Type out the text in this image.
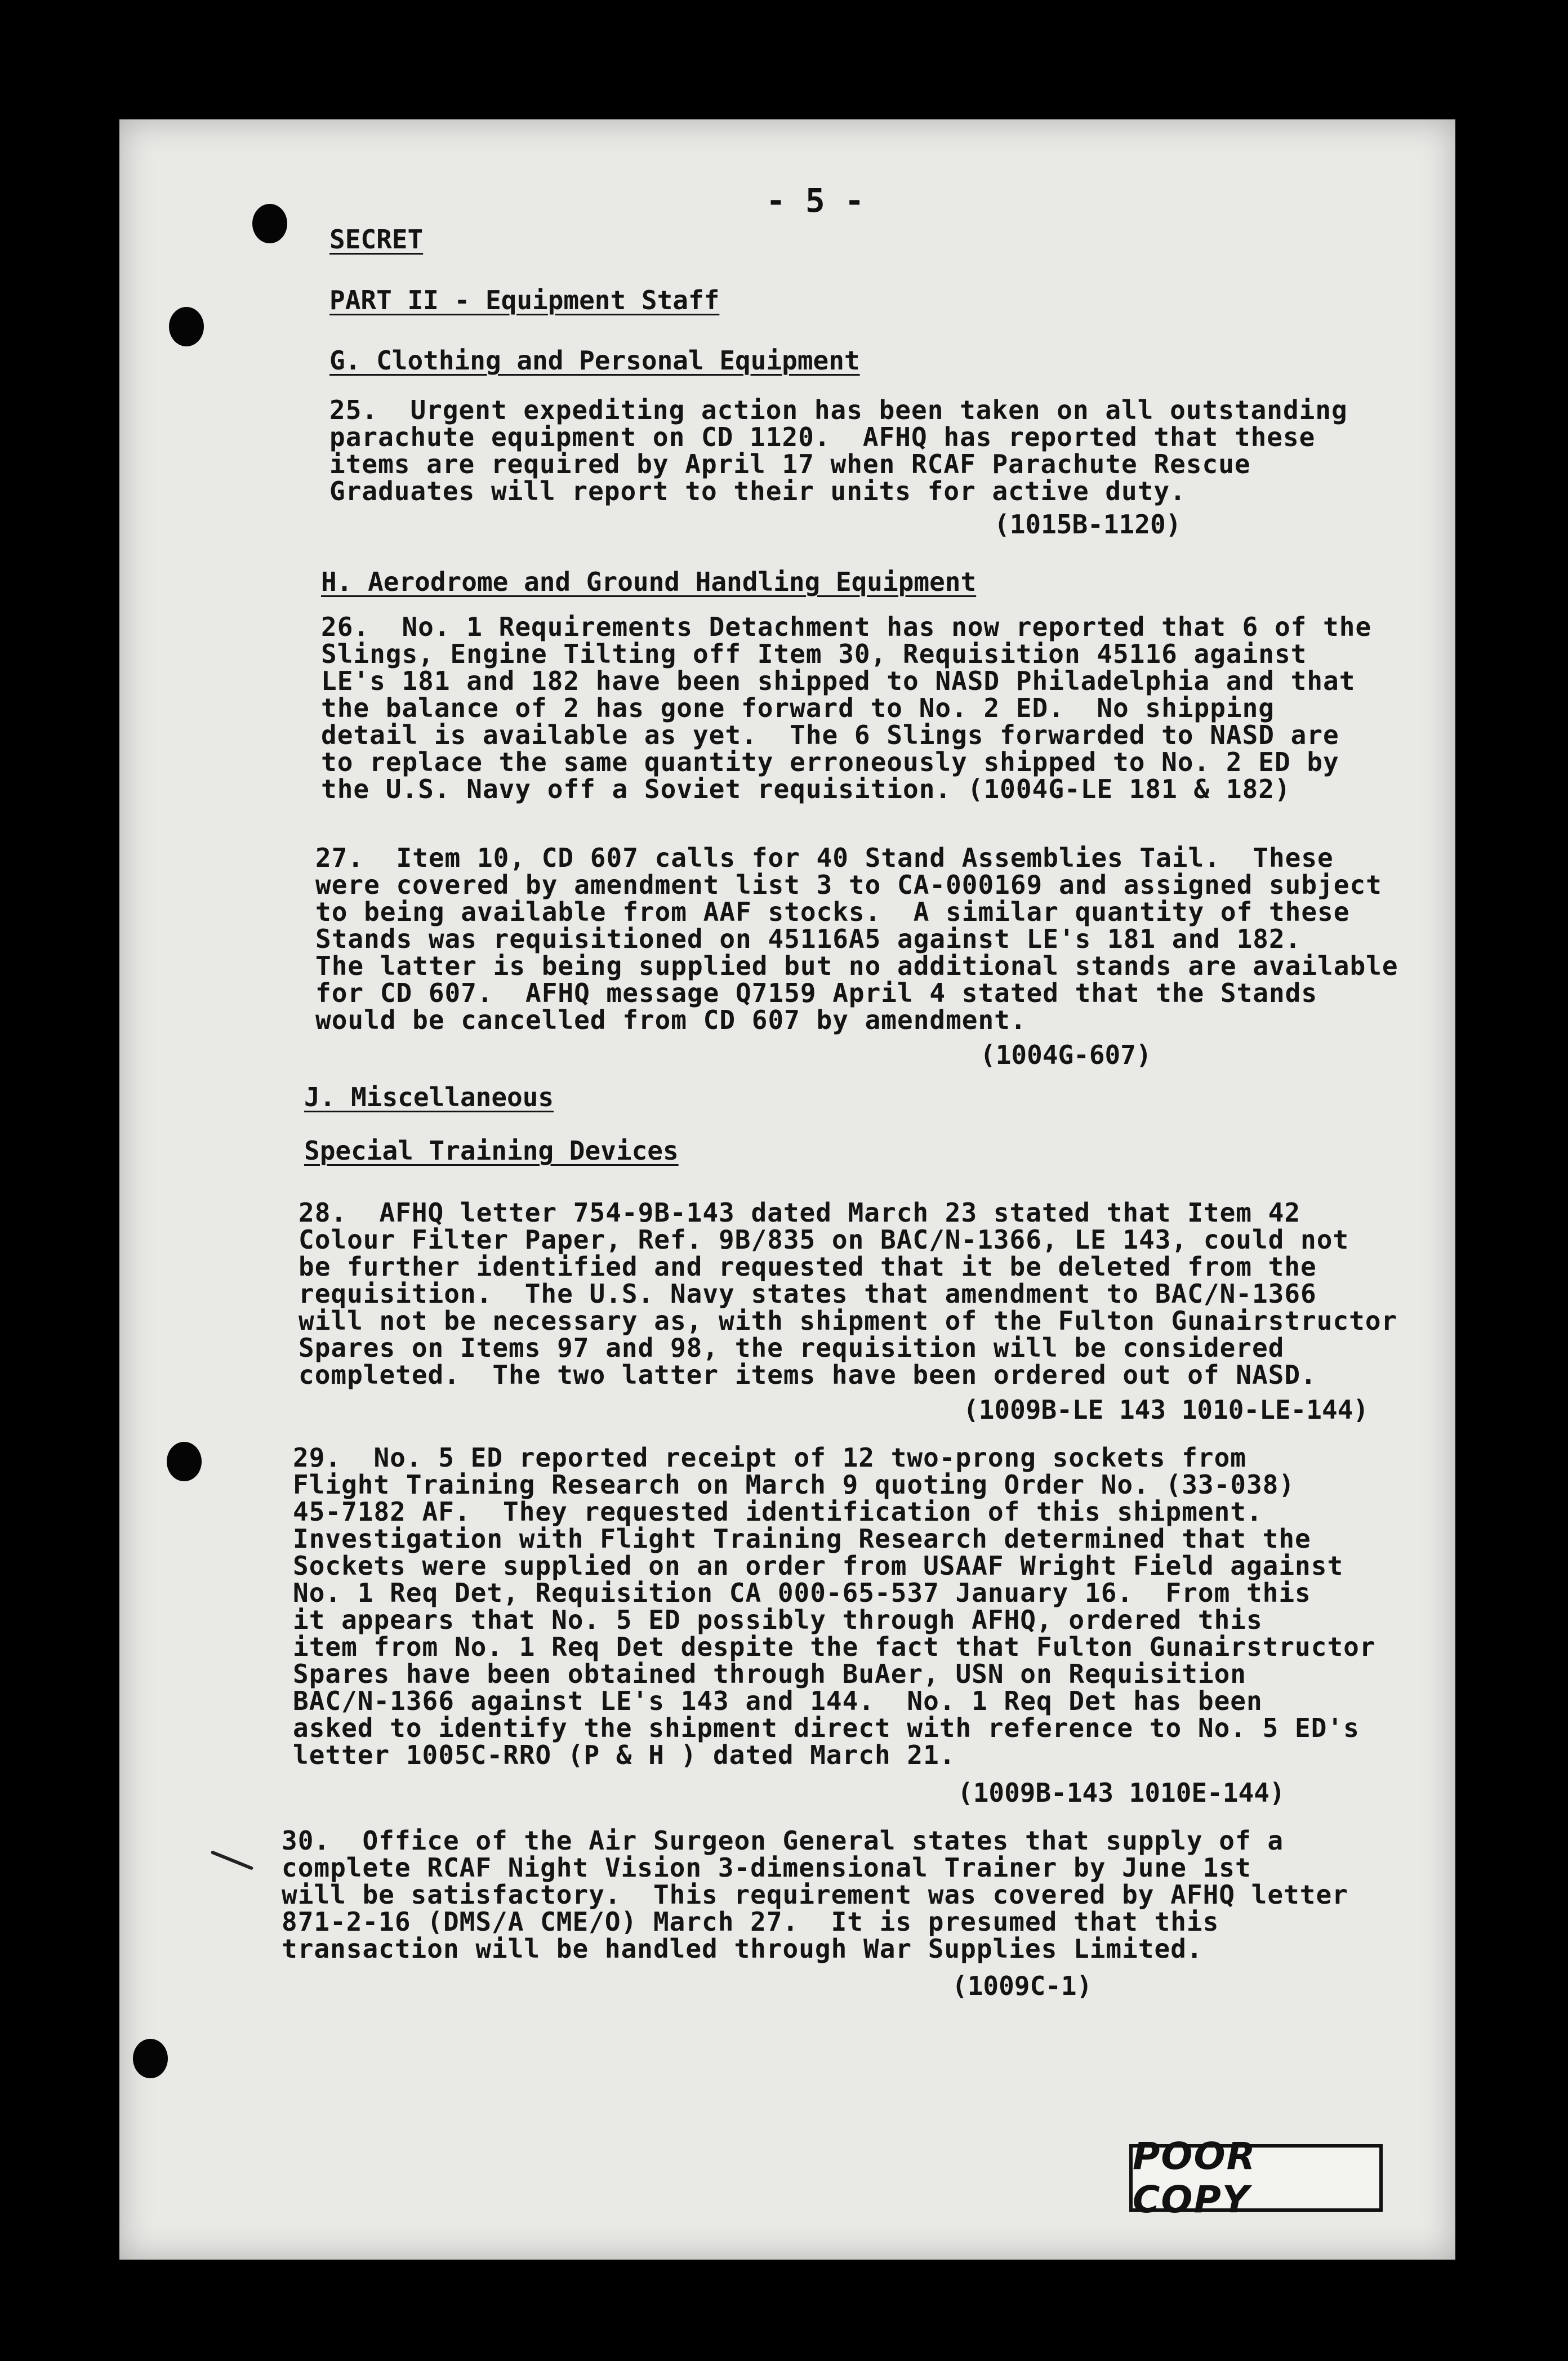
- 5 -
SECRET
PART II - Equipment Staff
G. Clothing and Personal Equipment
25.  Urgent expediting action has been taken on all outstanding
parachute equipment on CD 1120.  AFHQ has reported that these
items are required by April 17 when RCAF Parachute Rescue
Graduates will report to their units for active duty.
(1015B-1120)
H. Aerodrome and Ground Handling Equipment
26.  No. 1 Requirements Detachment has now reported that 6 of the
Slings, Engine Tilting off Item 30, Requisition 45116 against
LE's 181 and 182 have been shipped to NASD Philadelphia and that
the balance of 2 has gone forward to No. 2 ED.  No shipping
detail is available as yet.  The 6 Slings forwarded to NASD are
to replace the same quantity erroneously shipped to No. 2 ED by
the U.S. Navy off a Soviet requisition. (1004G-LE 181 & 182)
27.  Item 10, CD 607 calls for 40 Stand Assemblies Tail.  These
were covered by amendment list 3 to CA-000169 and assigned subject
to being available from AAF stocks.  A similar quantity of these
Stands was requisitioned on 45116A5 against LE's 181 and 182.
The latter is being supplied but no additional stands are available
for CD 607.  AFHQ message Q7159 April 4 stated that the Stands
would be cancelled from CD 607 by amendment.
(1004G-607)
J. Miscellaneous
Special Training Devices
28.  AFHQ letter 754-9B-143 dated March 23 stated that Item 42
Colour Filter Paper, Ref. 9B/835 on BAC/N-1366, LE 143, could not
be further identified and requested that it be deleted from the
requisition.  The U.S. Navy states that amendment to BAC/N-1366
will not be necessary as, with shipment of the Fulton Gunairstructor
Spares on Items 97 and 98, the requisition will be considered
completed.  The two latter items have been ordered out of NASD.
(1009B-LE 143 1010-LE-144)
29.  No. 5 ED reported receipt of 12 two-prong sockets from
Flight Training Research on March 9 quoting Order No. (33-038)
45-7182 AF.  They requested identification of this shipment.
Investigation with Flight Training Research determined that the
Sockets were supplied on an order from USAAF Wright Field against
No. 1 Req Det, Requisition CA 000-65-537 January 16.  From this
it appears that No. 5 ED possibly through AFHQ, ordered this
item from No. 1 Req Det despite the fact that Fulton Gunairstructor
Spares have been obtained through BuAer, USN on Requisition
BAC/N-1366 against LE's 143 and 144.  No. 1 Req Det has been
asked to identify the shipment direct with reference to No. 5 ED's
letter 1005C-RRO (P & H ) dated March 21.
(1009B-143 1010E-144)
30.  Office of the Air Surgeon General states that supply of a
complete RCAF Night Vision 3-dimensional Trainer by June 1st
will be satisfactory.  This requirement was covered by AFHQ letter
871-2-16 (DMS/A CME/O) March 27.  It is presumed that this
transaction will be handled through War Supplies Limited.
(1009C-1)
POOR COPY
